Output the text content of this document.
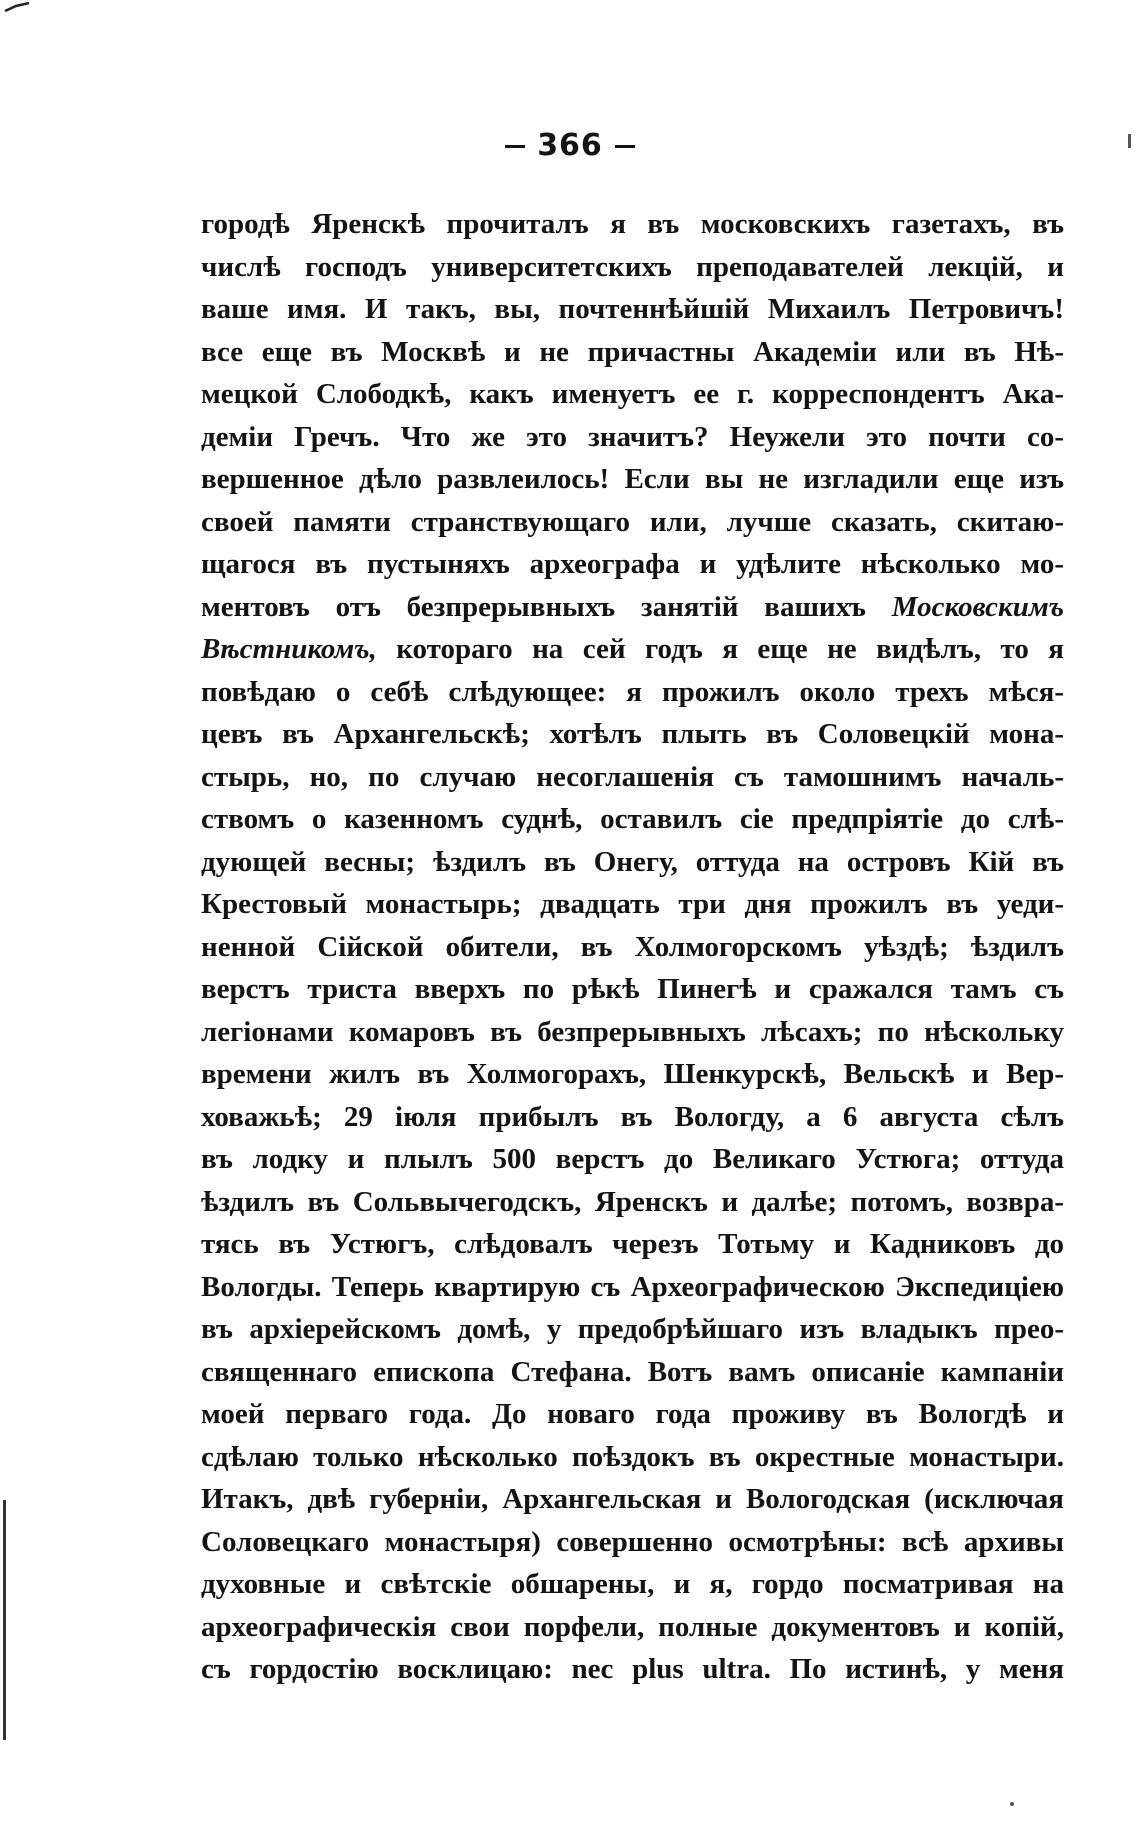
366
городѣ Яренскѣ прочиталъ я въ московскихъ газетахъ, въ
числѣ господъ университетскихъ преподавателей лекцій, и
ваше имя. И такъ, вы, почтеннѣйшій Михаилъ Петровичъ!
все еще въ Москвѣ и не причастны Академіи или въ Нѣ-
мецкой Слободкѣ, какъ именуетъ ее г. корреспондентъ Ака-
деміи Гречъ. Что же это значитъ? Неужели это почти со-
вершенное дѣло развлеилось! Если вы не изгладили еще изъ
своей памяти странствующаго или, лучше сказать, скитаю-
щагося въ пустыняхъ археографа и удѣлите нѣсколько мо-
ментовъ отъ безпрерывныхъ занятій вашихъ Московскимъ
Вѣстникомъ, котораго на сей годъ я еще не видѣлъ, то я
повѣдаю о себѣ слѣдующее: я прожилъ около трехъ мѣся-
цевъ въ Архангельскѣ; хотѣлъ плыть въ Соловецкій мона-
стырь, но, по случаю несоглашенія съ тамошнимъ началь-
ствомъ о казенномъ суднѣ, оставилъ сіе предпріятіе до слѣ-
дующей весны; ѣздилъ въ Онегу, оттуда на островъ Кій въ
Крестовый монастырь; двадцать три дня прожилъ въ уеди-
ненной Сійской обители, въ Холмогорскомъ уѣздѣ; ѣздилъ
верстъ триста вверхъ по рѣкѣ Пинегѣ и сражался тамъ съ
легіонами комаровъ въ безпрерывныхъ лѣсахъ; по нѣскольку
времени жилъ въ Холмогорахъ, Шенкурскѣ, Вельскѣ и Вер-
ховажьѣ; 29 іюля прибылъ въ Вологду, а 6 августа сѣлъ
въ лодку и плылъ 500 верстъ до Великаго Устюга; оттуда
ѣздилъ въ Сольвычегодскъ, Яренскъ и далѣе; потомъ, возвра-
тясь въ Устюгъ, слѣдовалъ черезъ Тотьму и Кадниковъ до
Вологды. Теперь квартирую съ Археографическою Экспедиціею
въ архіерейскомъ домѣ, у предобрѣйшаго изъ владыкъ прео-
священнаго епископа Стефана. Вотъ вамъ описаніе кампаніи
моей перваго года. До новаго года проживу въ Вологдѣ и
сдѣлаю только нѣсколько поѣздокъ въ окрестные монастыри.
Итакъ, двѣ губерніи, Архангельская и Вологодская (исключая
Соловецкаго монастыря) совершенно осмотрѣны: всѣ архивы
духовные и свѣтскіе обшарены, и я, гордо посматривая на
археографическія свои порфели, полные документовъ и копій,
съ гордостію восклицаю: nec plus ultra. По истинѣ, у меня
